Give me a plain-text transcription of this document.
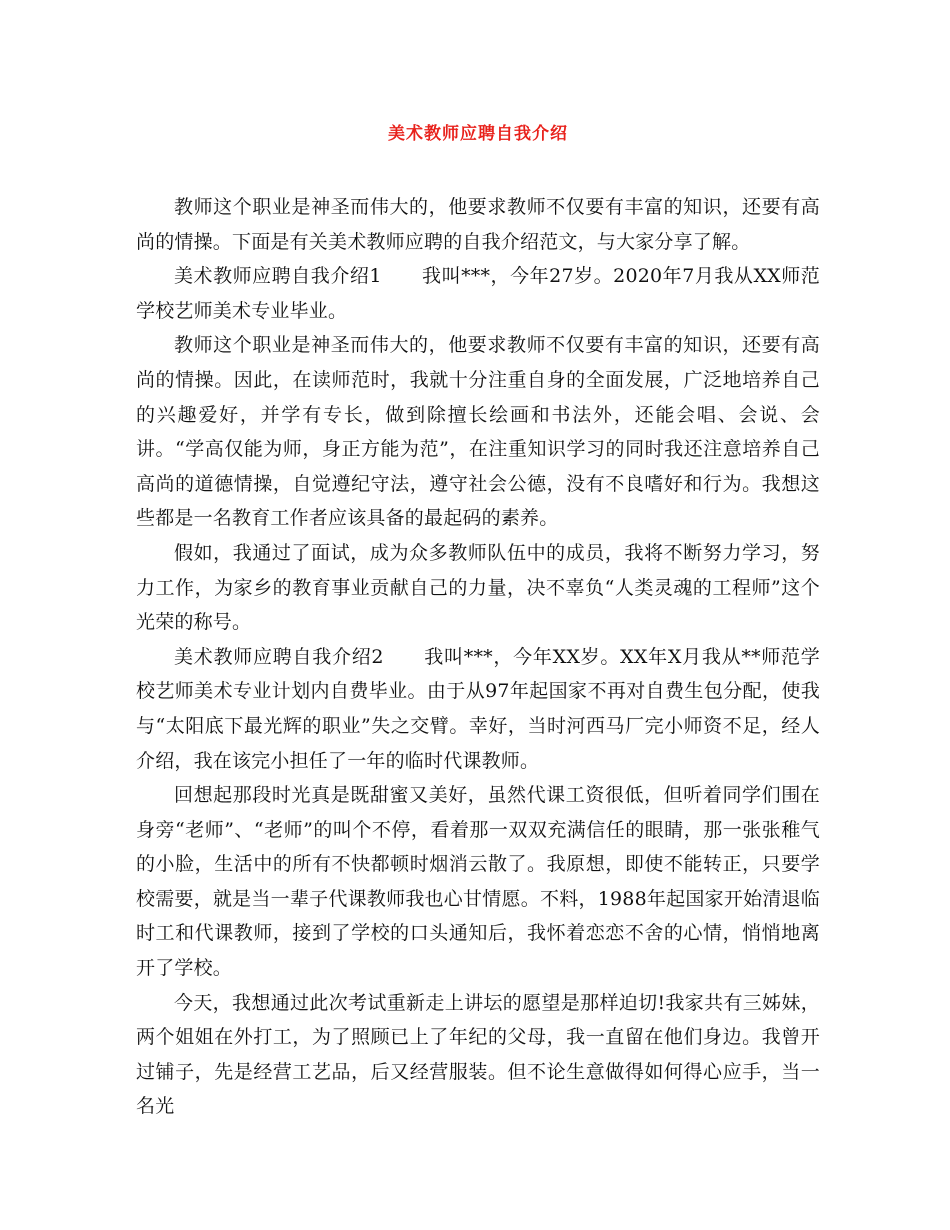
美术教师应聘自我介绍

教师这个职业是神圣而伟大的，他要求教师不仅要有丰富的知识，还要有高尚的情操。下面是有关美术教师应聘的自我介绍范文，与大家分享了解。

美术教师应聘自我介绍1 我叫***，今年27岁。2020年7月我从XX师范学校艺师美术专业毕业。

教师这个职业是神圣而伟大的，他要求教师不仅要有丰富的知识，还要有高尚的情操。因此，在读师范时，我就十分注重自身的全面发展，广泛地培养自己的兴趣爱好，并学有专长，做到除擅长绘画和书法外，还能会唱、会说、会讲。“学高仅能为师，身正方能为范”，在注重知识学习的同时我还注意培养自己高尚的道德情操，自觉遵纪守法，遵守社会公德，没有不良嗜好和行为。我想这些都是一名教育工作者应该具备的最起码的素养。

假如，我通过了面试，成为众多教师队伍中的成员，我将不断努力学习，努力工作，为家乡的教育事业贡献自己的力量，决不辜负“人类灵魂的工程师”这个光荣的称号。

美术教师应聘自我介绍2 我叫***，今年XX岁。XX年X月我从**师范学校艺师美术专业计划内自费毕业。由于从97年起国家不再对自费生包分配，使我与“太阳底下最光辉的职业”失之交臂。幸好，当时河西马厂完小师资不足，经人介绍，我在该完小担任了一年的临时代课教师。

回想起那段时光真是既甜蜜又美好，虽然代课工资很低，但听着同学们围在身旁“老师”、“老师”的叫个不停，看着那一双双充满信任的眼睛，那一张张稚气的小脸，生活中的所有不快都顿时烟消云散了。我原想，即使不能转正，只要学校需要，就是当一辈子代课教师我也心甘情愿。不料，1988年起国家开始清退临时工和代课教师，接到了学校的口头通知后，我怀着恋恋不舍的心情，悄悄地离开了学校。

今天，我想通过此次考试重新走上讲坛的愿望是那样迫切!我家共有三姊妹，两个姐姐在外打工，为了照顾已上了年纪的父母，我一直留在他们身边。我曾开过铺子，先是经营工艺品，后又经营服装。但不论生意做得如何得心应手，当一名光
